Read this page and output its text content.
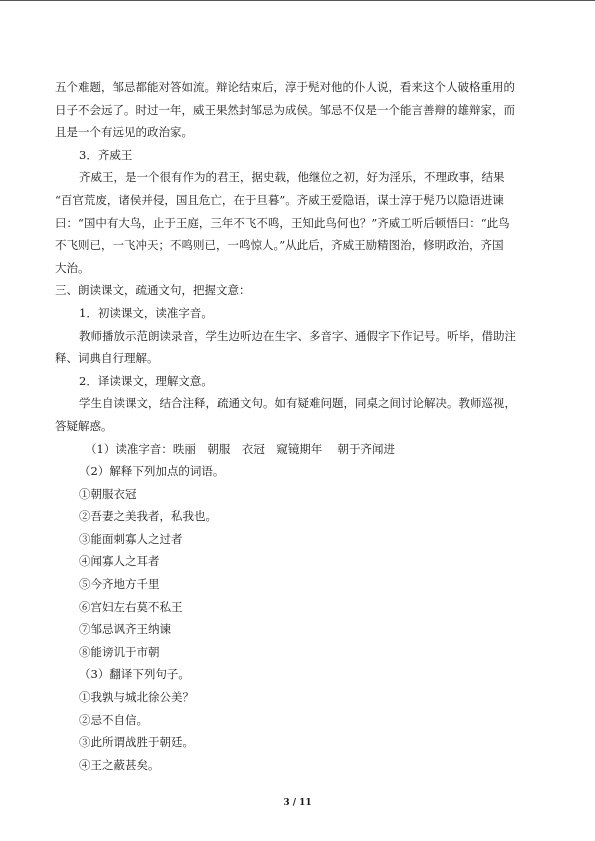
五个难题，邹忌都能对答如流。辩论结束后，淳于髡对他的仆人说，看来这个人破格重用的

日子不会远了。时过一年，威王果然封邹忌为成侯。邹忌不仅是一个能言善辩的雄辩家，而

且是一个有远见的政治家。

3．齐威王

齐威王，是一个很有作为的君王，据史载，他继位之初，好为淫乐，不理政事，结果

“百官荒废，诸侯并侵，国且危亡，在于旦暮”。齐威王爱隐语，谋士淳于髡乃以隐语进谏

曰：“国中有大鸟，止于王庭，三年不飞不鸣，王知此鸟何也？”齐威工听后顿悟曰：“此鸟

不飞则已，一飞冲天；不鸣则已，一鸣惊人。”从此后，齐威王励精图治，修明政治，齐国

大治。

三、朗读课文，疏通文句，把握文意：

1．初读课文，读准字音。

教师播放示范朗读录音，学生边听边在生字、多音字、通假字下作记号。听毕，借助注

释、词典自行理解。

2．译读课文，理解文意。

学生自读课文，结合注释，疏通文句。如有疑难问题，同桌之间讨论解决。教师巡视，

答疑解惑。

（1）读准字音：昳丽　朝服　衣冠　窥镜期年　 朝于齐闻进

（2）解释下列加点的词语。

①朝服衣冠

②吾妻之美我者，私我也。

③能面刺寡人之过者

④闻寡人之耳者

⑤今齐地方千里

⑥宫妇左右莫不私王

⑦邹忌讽齐王纳谏

⑧能谤讥于市朝

（3）翻译下列句子。

①我孰与城北徐公美？

②忌不自信。

③此所谓战胜于朝廷。

④王之蔽甚矣。

3 / 11
